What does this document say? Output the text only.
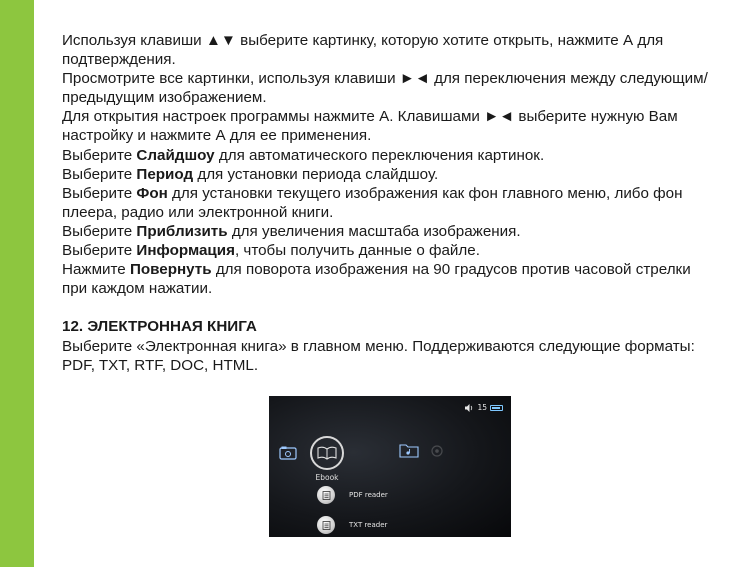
Используя клавиши ▲▼ выберите картинку, которую хотите открыть, нажмите А для
подтверждения.
Просмотрите все картинки, используя клавиши ►◄ для переключения между следующим/
предыдущим изображением.
Для открытия настроек программы нажмите А. Клавишами ►◄ выберите нужную Вам
настройку и нажмите А для ее применения.
Выберите Слайдшоу для автоматического переключения картинок.
Выберите Период для установки периода слайдшоу.
Выберите Фон для установки текущего изображения как фон главного меню, либо фон
плеера, радио или электронной книги.
Выберите Приблизить для увеличения масштаба изображения.
Выберите Информация, чтобы получить данные о файле.
Нажмите Повернуть для поворота изображения на 90 градусов против часовой стрелки
при каждом нажатии.
12. ЭЛЕКТРОННАЯ КНИГА
Выберите «Электронная книга» в главном меню. Поддерживаются следующие форматы:
PDF, TXT, RTF, DOC, HTML.
15
Ebook
PDF reader
TXT reader
